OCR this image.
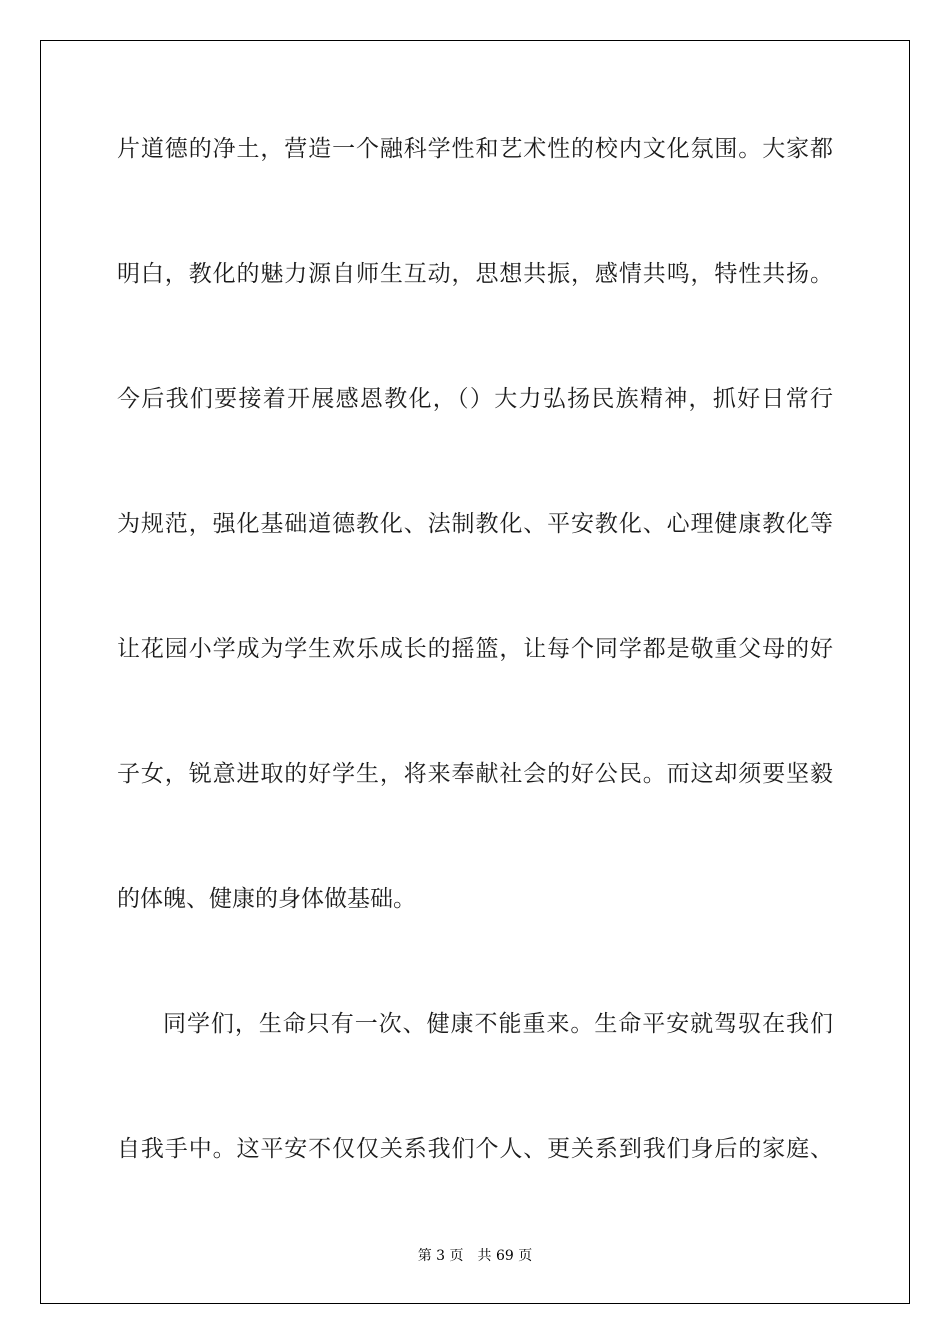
片道德的净土，营造一个融科学性和艺术性的校内文化氛围。大家都
明白，教化的魅力源自师生互动，思想共振，感情共鸣，特性共扬。
今后我们要接着开展感恩教化，（）大力弘扬民族精神，抓好日常行
为规范，强化基础道德教化、法制教化、平安教化、心理健康教化等
让花园小学成为学生欢乐成长的摇篮，让每个同学都是敬重父母的好
子女，锐意进取的好学生，将来奉献社会的好公民。而这却须要坚毅
的体魄、健康的身体做基础。
同学们，生命只有一次、健康不能重来。生命平安就驾驭在我们
自我手中。这平安不仅仅关系我们个人、更关系到我们身后的家庭、
第 3 页 共 69 页
